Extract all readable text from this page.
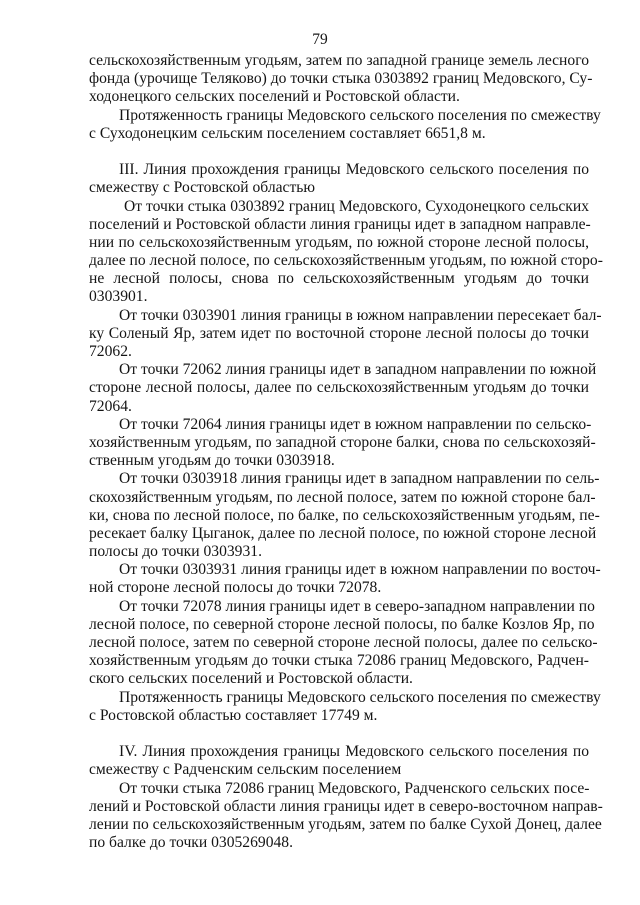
79
сельскохозяйственным угодьям, затем по западной границе земель лесного
фонда (урочище Теляково) до точки стыка 0303892 границ Медовского, Су-
ходонецкого сельских поселений и Ростовской области.
Протяженность границы Медовского сельского поселения по смежеству
с Суходонецким сельским поселением составляет 6651,8 м.
III. Линия прохождения границы Медовского сельского поселения по
смежеству с Ростовской областью
От точки стыка 0303892 границ Медовского, Суходонецкого сельских
поселений и Ростовской области линия границы идет в западном направле-
нии по сельскохозяйственным угодьям, по южной стороне лесной полосы,
далее по лесной полосе, по сельскохозяйственным угодьям, по южной сторо-
не лесной полосы, снова по сельскохозяйственным угодьям до точки
0303901.
От точки 0303901 линия границы в южном направлении пересекает бал-
ку Соленый Яр, затем идет по восточной стороне лесной полосы до точки
72062.
От точки 72062 линия границы идет в западном направлении по южной
стороне лесной полосы, далее по сельскохозяйственным угодьям до точки
72064.
От точки 72064 линия границы идет в южном направлении по сельско-
хозяйственным угодьям, по западной стороне балки, снова по сельскохозяй-
ственным угодьям до точки 0303918.
От точки 0303918 линия границы идет в западном направлении по сель-
скохозяйственным угодьям, по лесной полосе, затем по южной стороне бал-
ки, снова по лесной полосе, по балке, по сельскохозяйственным угодьям, пе-
ресекает балку Цыганок, далее по лесной полосе, по южной стороне лесной
полосы до точки 0303931.
От точки 0303931 линия границы идет в южном направлении по восточ-
ной стороне лесной полосы до точки 72078.
От точки 72078 линия границы идет в северо-западном направлении по
лесной полосе, по северной стороне лесной полосы, по балке Козлов Яр, по
лесной полосе, затем по северной стороне лесной полосы, далее по сельско-
хозяйственным угодьям до точки стыка 72086 границ Медовского, Радчен-
ского сельских поселений и Ростовской области.
Протяженность границы Медовского сельского поселения по смежеству
с Ростовской областью составляет 17749 м.
IV. Линия прохождения границы Медовского сельского поселения по
смежеству с Радченским сельским поселением
От точки стыка 72086 границ Медовского, Радченского сельских посе-
лений и Ростовской области линия границы идет в северо-восточном направ-
лении по сельскохозяйственным угодьям, затем по балке Сухой Донец, далее
по балке до точки 0305269048.
